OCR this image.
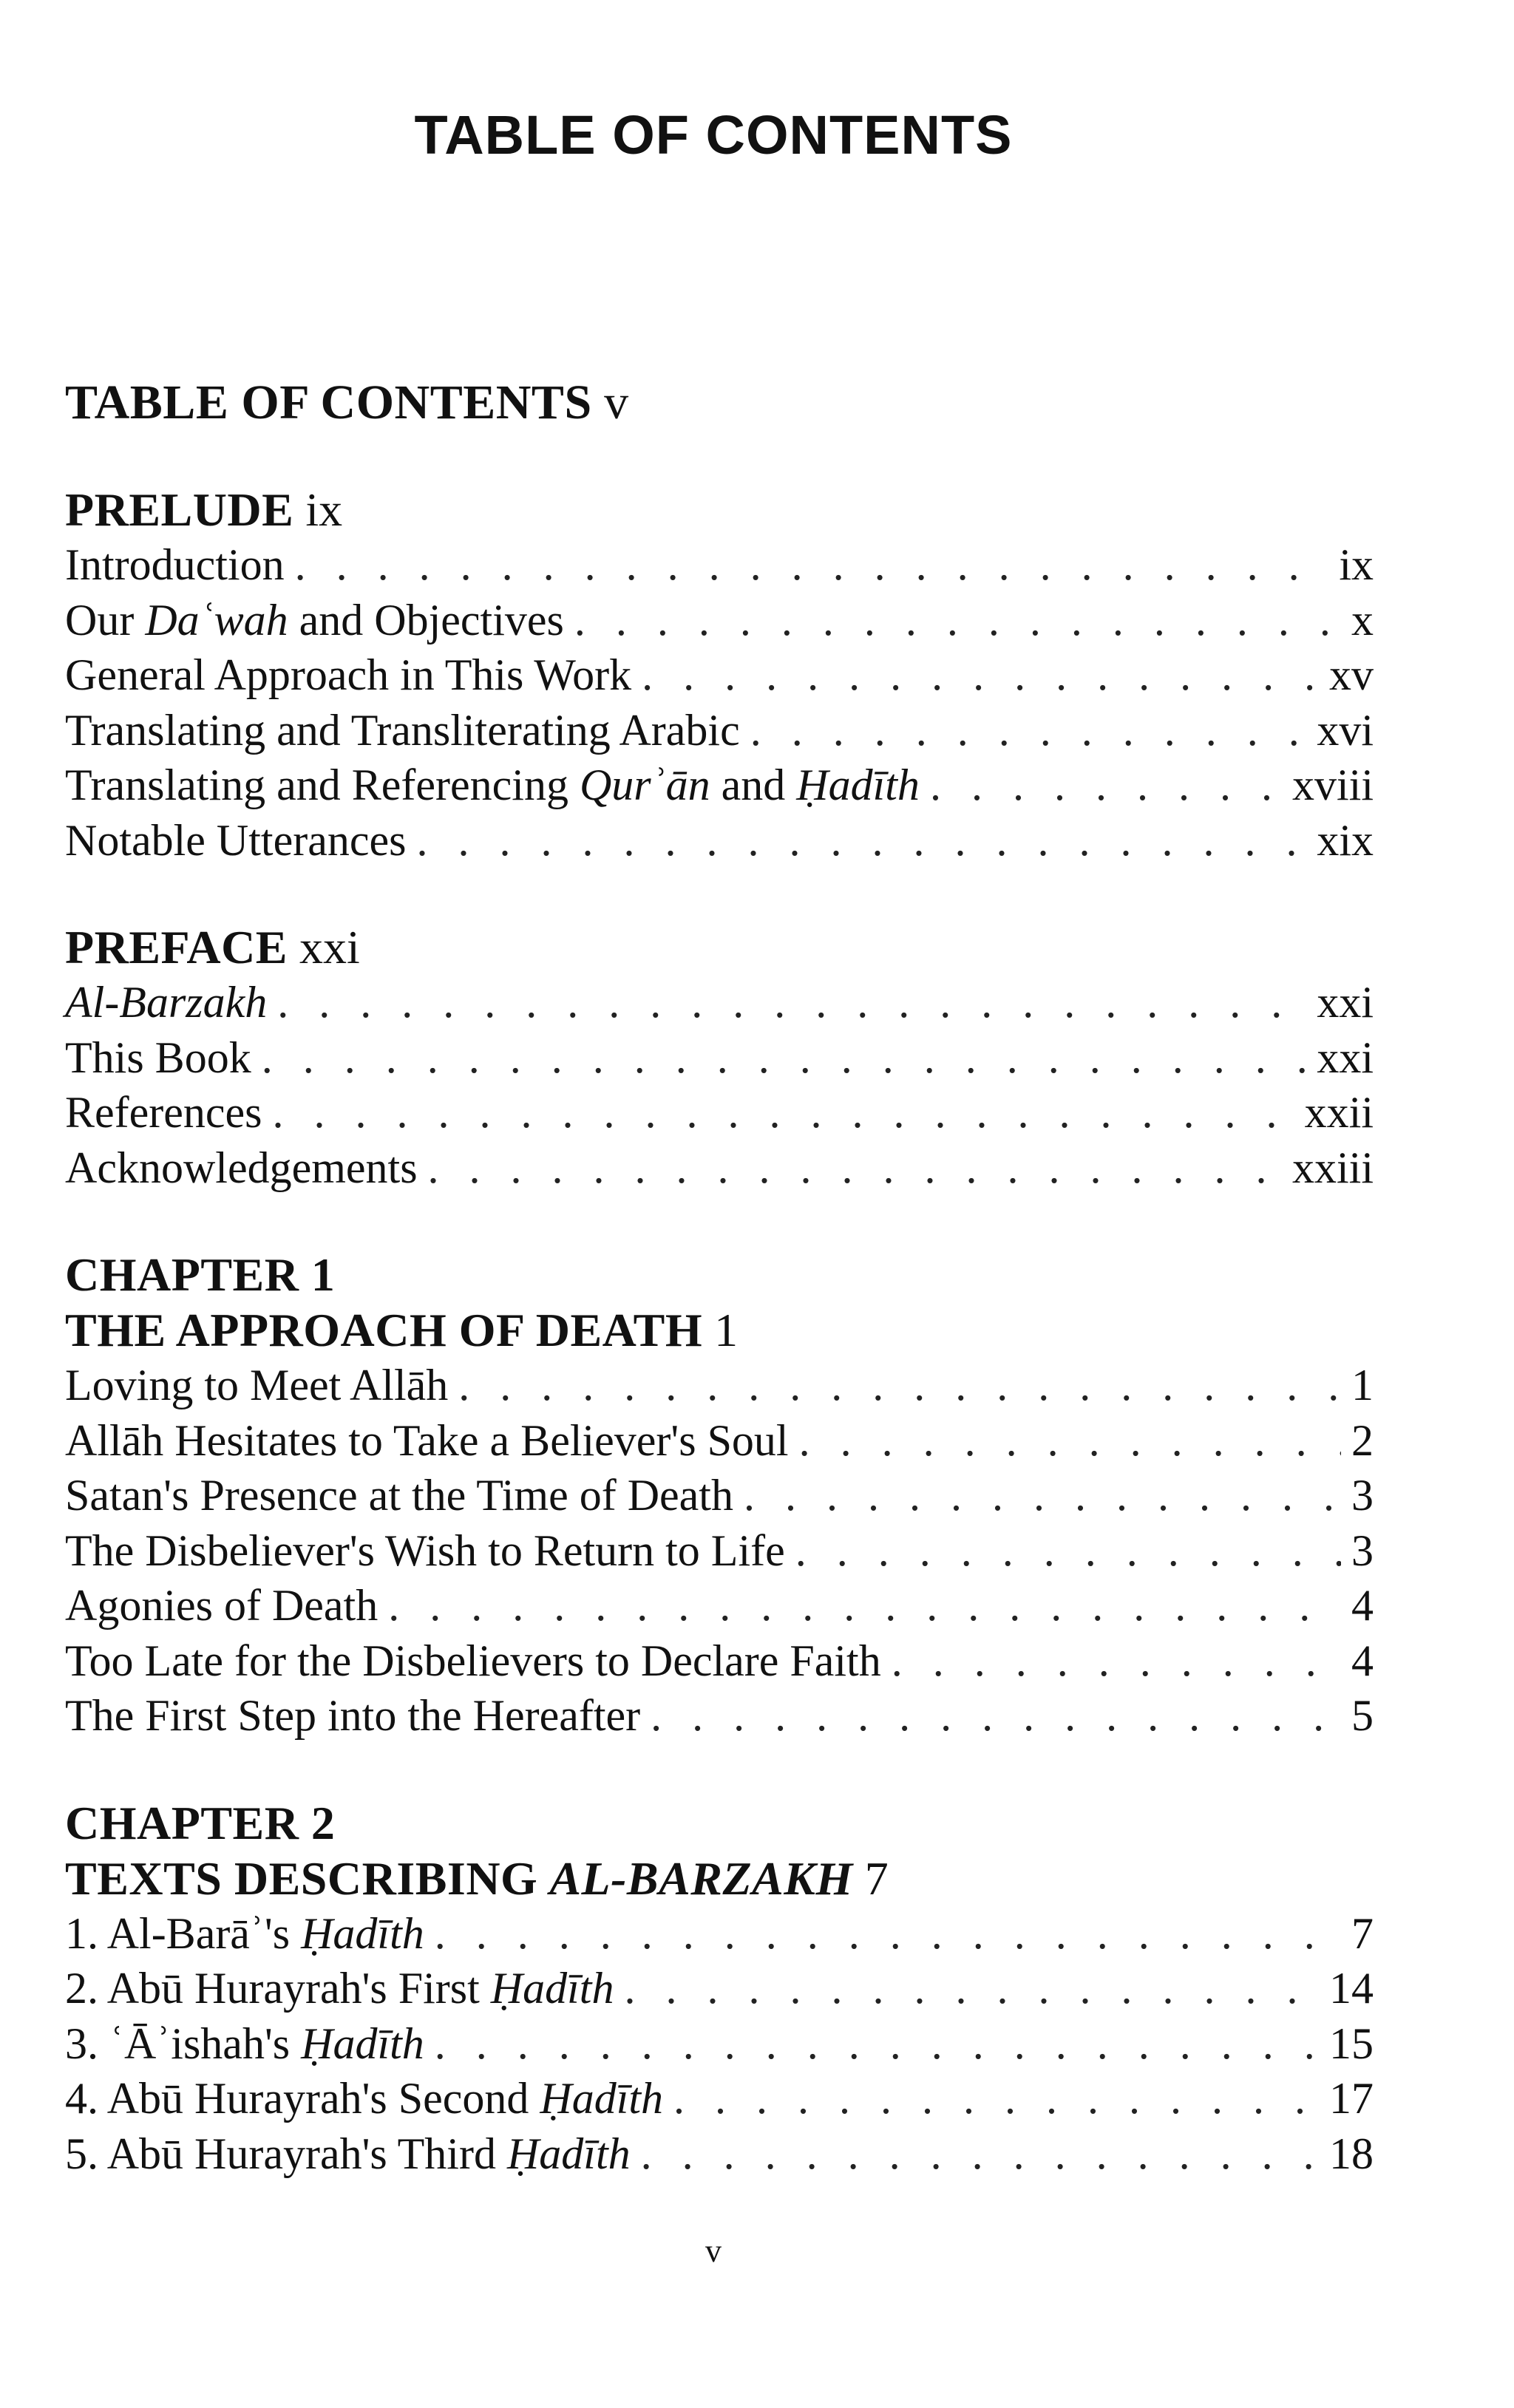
TABLE OF CONTENTS
TABLE OF CONTENTS v

PRELUDE ix

Introduction . . .	ix
Our Daʿwah and Objectives . . .	x
General Approach in This Work . . .	xv
Translating and Transliterating Arabic . . .	xvi
Translating and Referencing Qurʾān and Ḥadīth . . .	xviii
Notable Utterances . . .	xix

PREFACE xxi

Al-Barzakh . . .	xxi
This Book . . .	xxi
References . . .	xxii
Acknowledgements . . .	xxiii

CHAPTER 1

THE APPROACH OF DEATH 1

Loving to Meet Allāh . . .	1
Allāh Hesitates to Take a Believer's Soul . . .	2
Satan's Presence at the Time of Death . . .	3
The Disbeliever's Wish to Return to Life . . .	3
Agonies of Death . . .	4
Too Late for the Disbelievers to Declare Faith . . .	4
The First Step into the Hereafter . . .	5

CHAPTER 2

TEXTS DESCRIBING AL-BARZAKH 7

1. Al-Barāʾ's Ḥadīth . . .	7
2. Abū Hurayrah's First Ḥadīth . . .	14
3. ʿĀʾishah's Ḥadīth . . .	15
4. Abū Hurayrah's Second Ḥadīth . . .	17
5. Abū Hurayrah's Third Ḥadīth . . .	18

v
